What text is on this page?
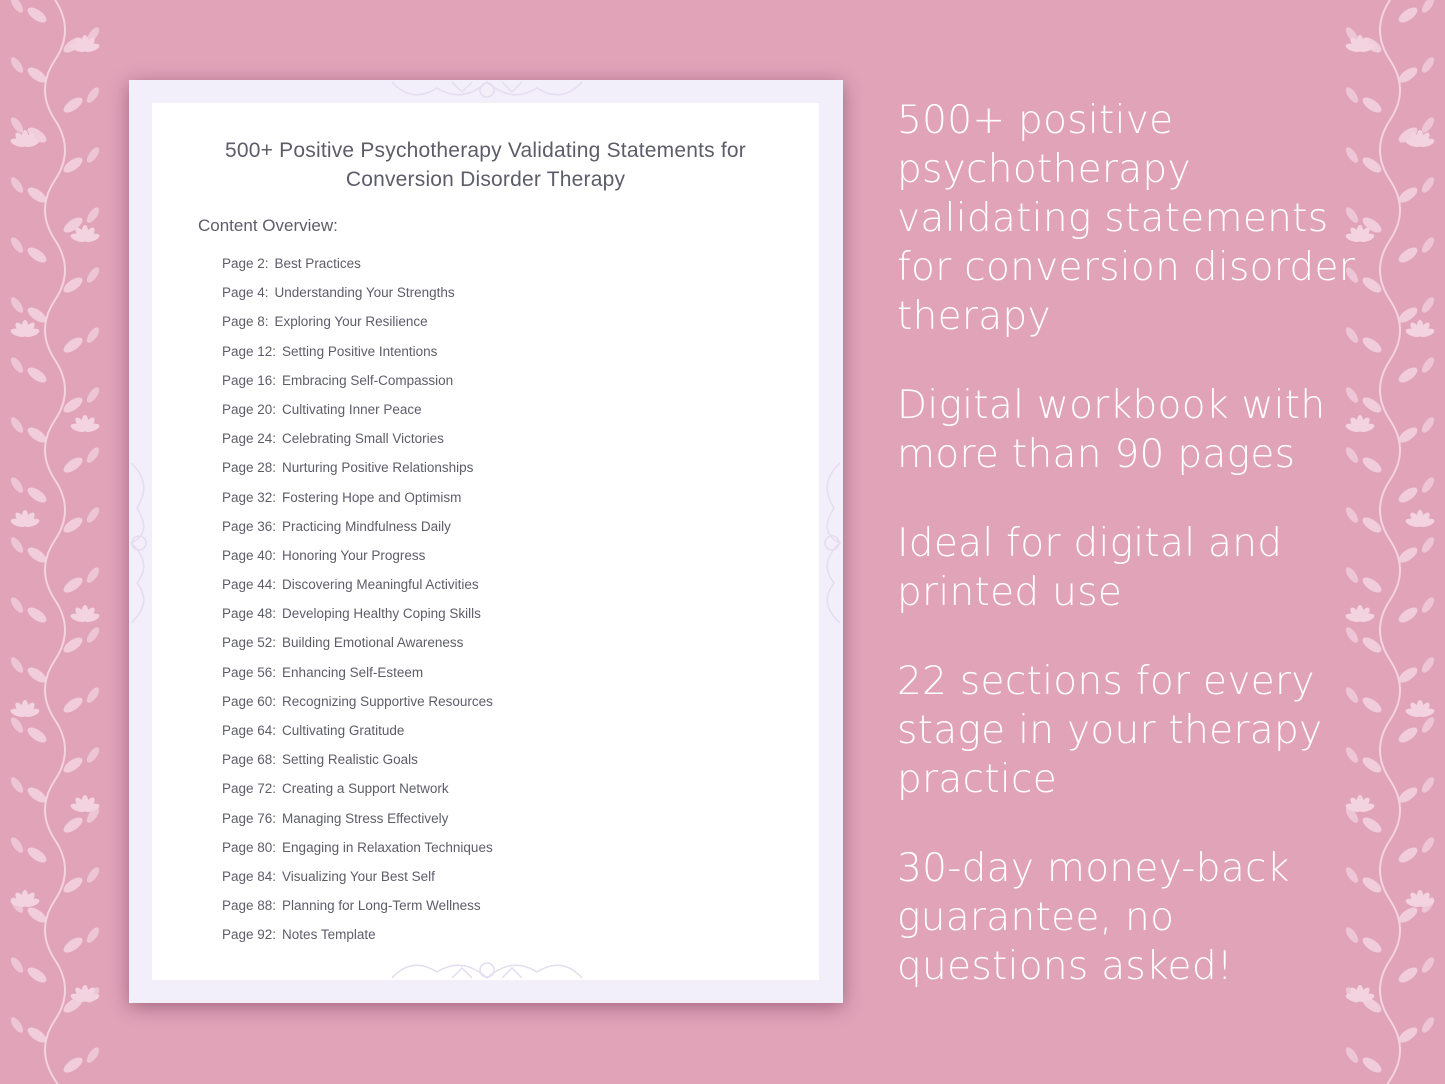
500+ Positive Psychotherapy Validating Statements for
Conversion Disorder Therapy
Content Overview:
Page 2: Best Practices
Page 4: Understanding Your Strengths
Page 8: Exploring Your Resilience
Page 12: Setting Positive Intentions
Page 16: Embracing Self-Compassion
Page 20: Cultivating Inner Peace
Page 24: Celebrating Small Victories
Page 28: Nurturing Positive Relationships
Page 32: Fostering Hope and Optimism
Page 36: Practicing Mindfulness Daily
Page 40: Honoring Your Progress
Page 44: Discovering Meaningful Activities
Page 48: Developing Healthy Coping Skills
Page 52: Building Emotional Awareness
Page 56: Enhancing Self-Esteem
Page 60: Recognizing Supportive Resources
Page 64: Cultivating Gratitude
Page 68: Setting Realistic Goals
Page 72: Creating a Support Network
Page 76: Managing Stress Effectively
Page 80: Engaging in Relaxation Techniques
Page 84: Visualizing Your Best Self
Page 88: Planning for Long-Term Wellness
Page 92: Notes Template
500+ positive psychotherapy validating statements for conversion disorder therapy
Digital workbook with more than 90 pages
Ideal for digital and printed use
22 sections for every stage in your therapy practice
30-day money-back guarantee, no questions asked!
